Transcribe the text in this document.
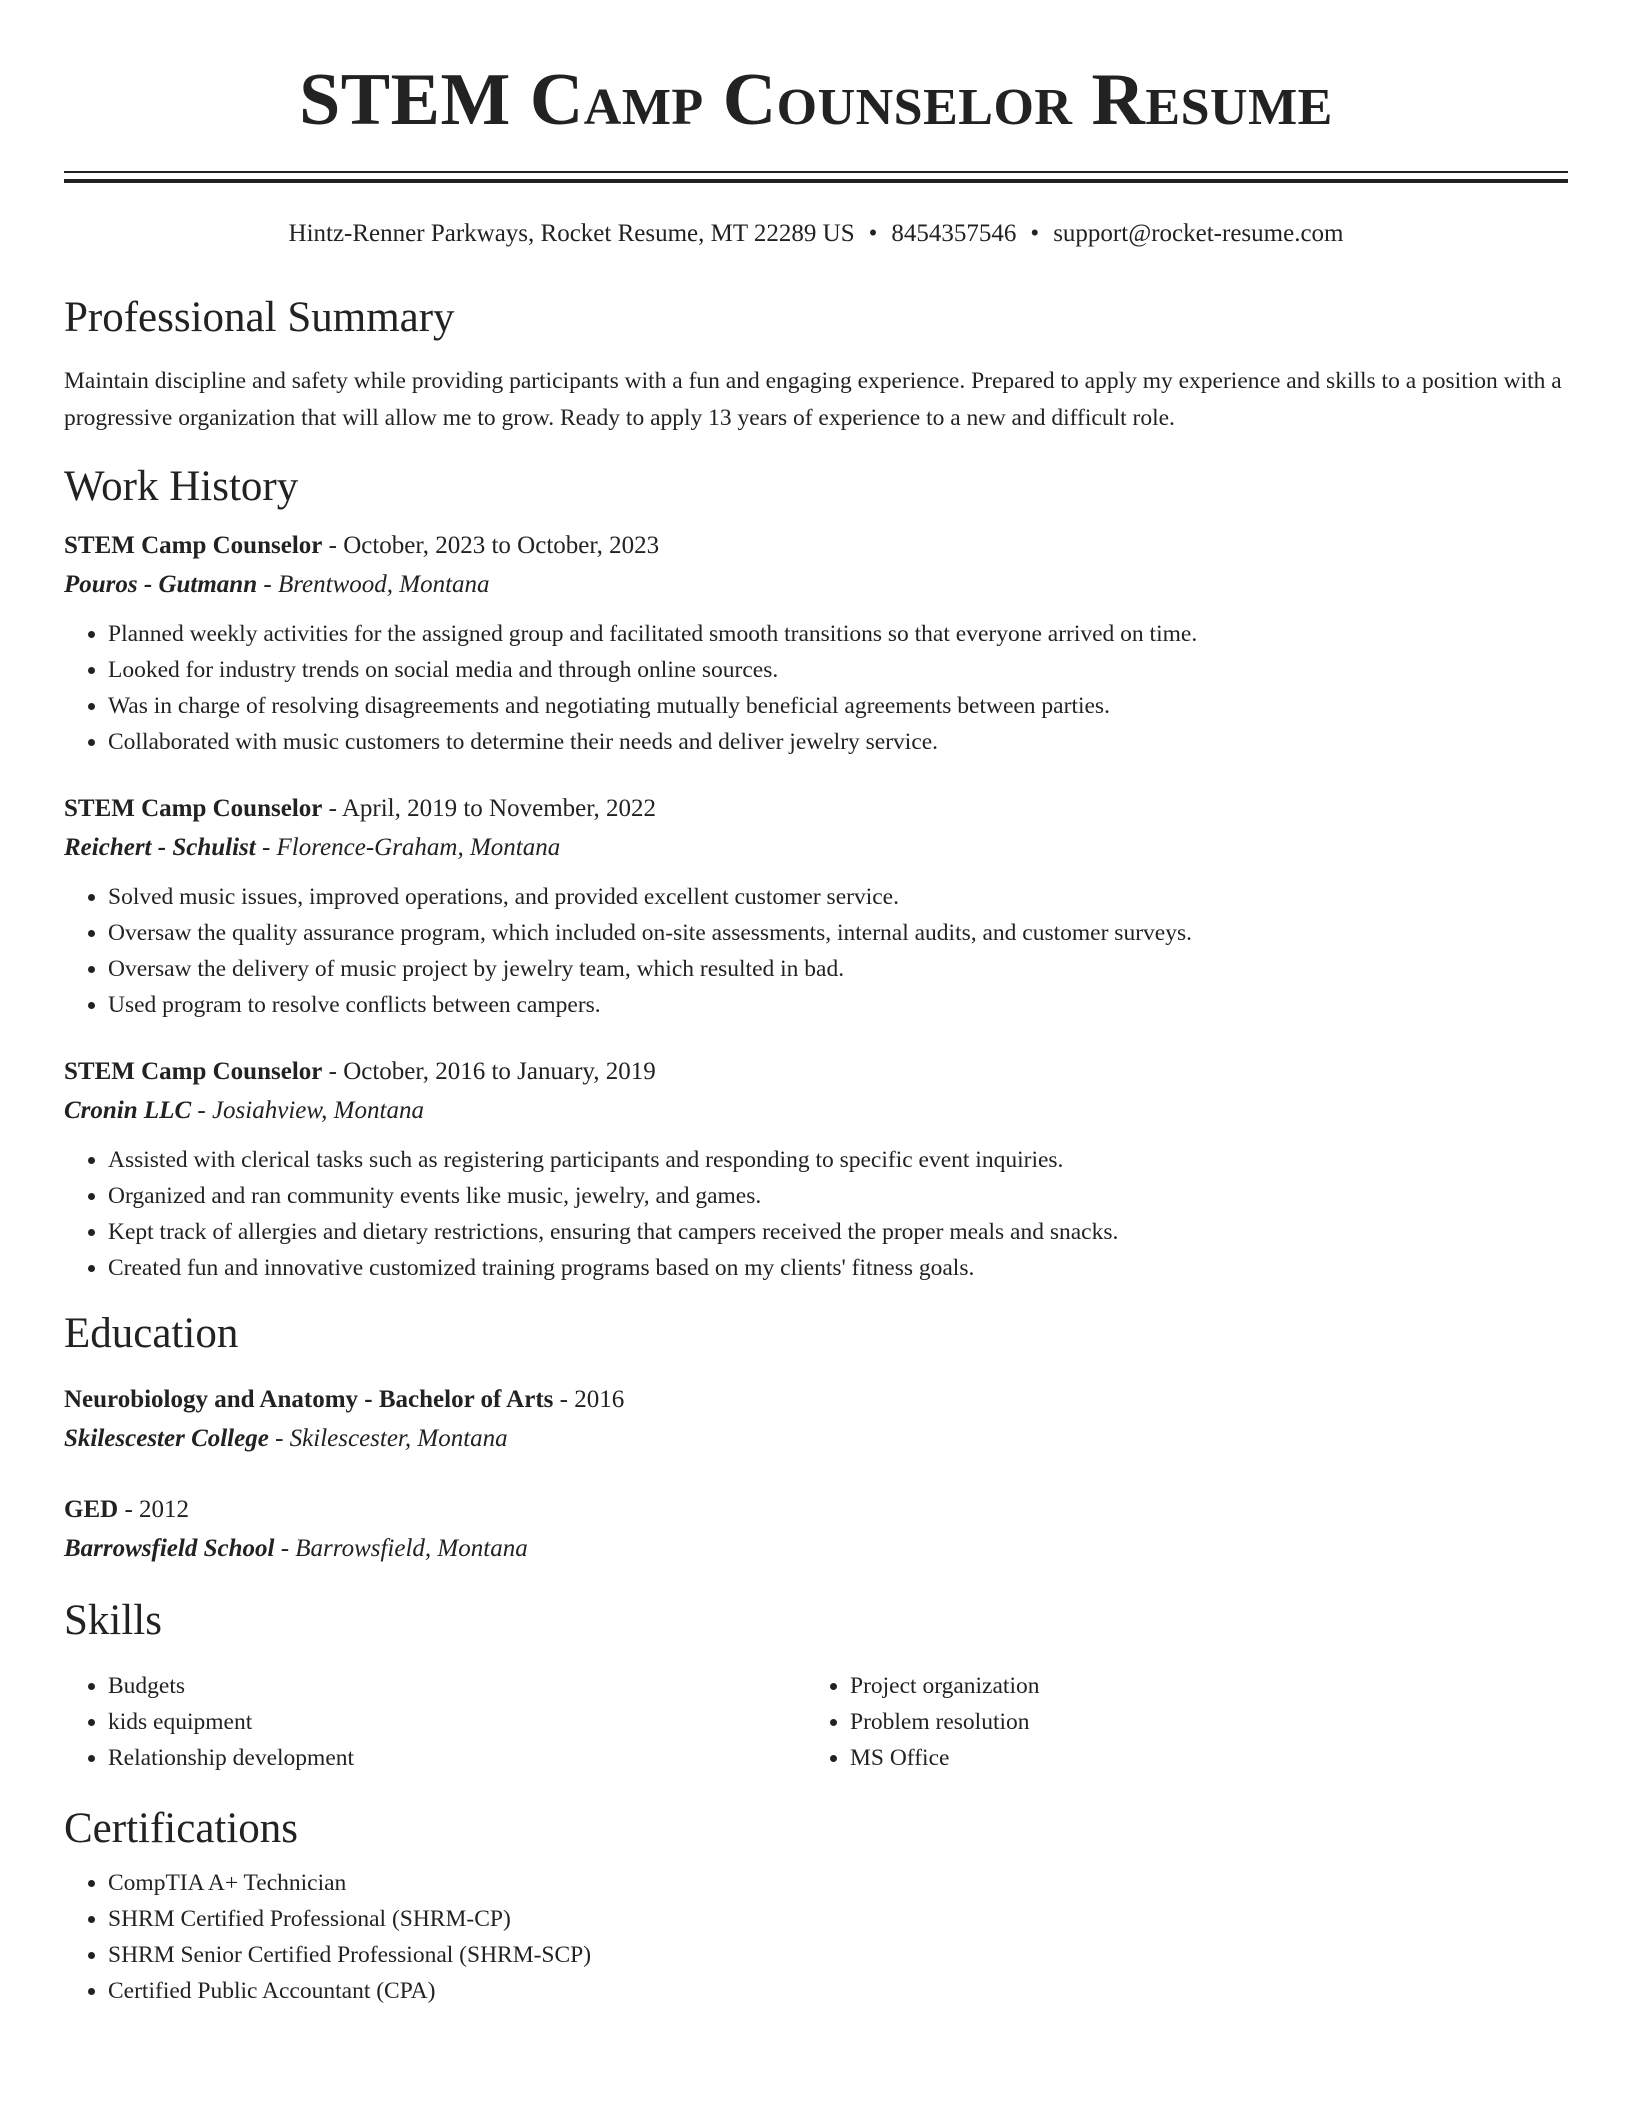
STEM Camp Counselor Resume
Hintz-Renner Parkways, Rocket Resume, MT 22289 US • 8454357546 • support@rocket-resume.com
Professional Summary

Maintain discipline and safety while providing participants with a fun and engaging experience. Prepared to apply my experience and skills to a position with a progressive organization that will allow me to grow. Ready to apply 13 years of experience to a new and difficult role.

Work History
STEM Camp Counselor - October, 2023 to October, 2023
Pouros - Gutmann - Brentwood, Montana
• Planned weekly activities for the assigned group and facilitated smooth transitions so that everyone arrived on time.
• Looked for industry trends on social media and through online sources.
• Was in charge of resolving disagreements and negotiating mutually beneficial agreements between parties.
• Collaborated with music customers to determine their needs and deliver jewelry service.
STEM Camp Counselor - April, 2019 to November, 2022
Reichert - Schulist - Florence-Graham, Montana
• Solved music issues, improved operations, and provided excellent customer service.
• Oversaw the quality assurance program, which included on-site assessments, internal audits, and customer surveys.
• Oversaw the delivery of music project by jewelry team, which resulted in bad.
• Used program to resolve conflicts between campers.
STEM Camp Counselor - October, 2016 to January, 2019
Cronin LLC - Josiahview, Montana
• Assisted with clerical tasks such as registering participants and responding to specific event inquiries.
• Organized and ran community events like music, jewelry, and games.
• Kept track of allergies and dietary restrictions, ensuring that campers received the proper meals and snacks.
• Created fun and innovative customized training programs based on my clients' fitness goals.
Education
Neurobiology and Anatomy - Bachelor of Arts - 2016
Skilescester College - Skilescester, Montana
GED - 2012
Barrowsfield School - Barrowsfield, Montana
Skills
• Budgets
• kids equipment
• Relationship development
• Project organization
• Problem resolution
• MS Office
Certifications
• CompTIA A+ Technician
• SHRM Certified Professional (SHRM-CP)
• SHRM Senior Certified Professional (SHRM-SCP)
• Certified Public Accountant (CPA)
